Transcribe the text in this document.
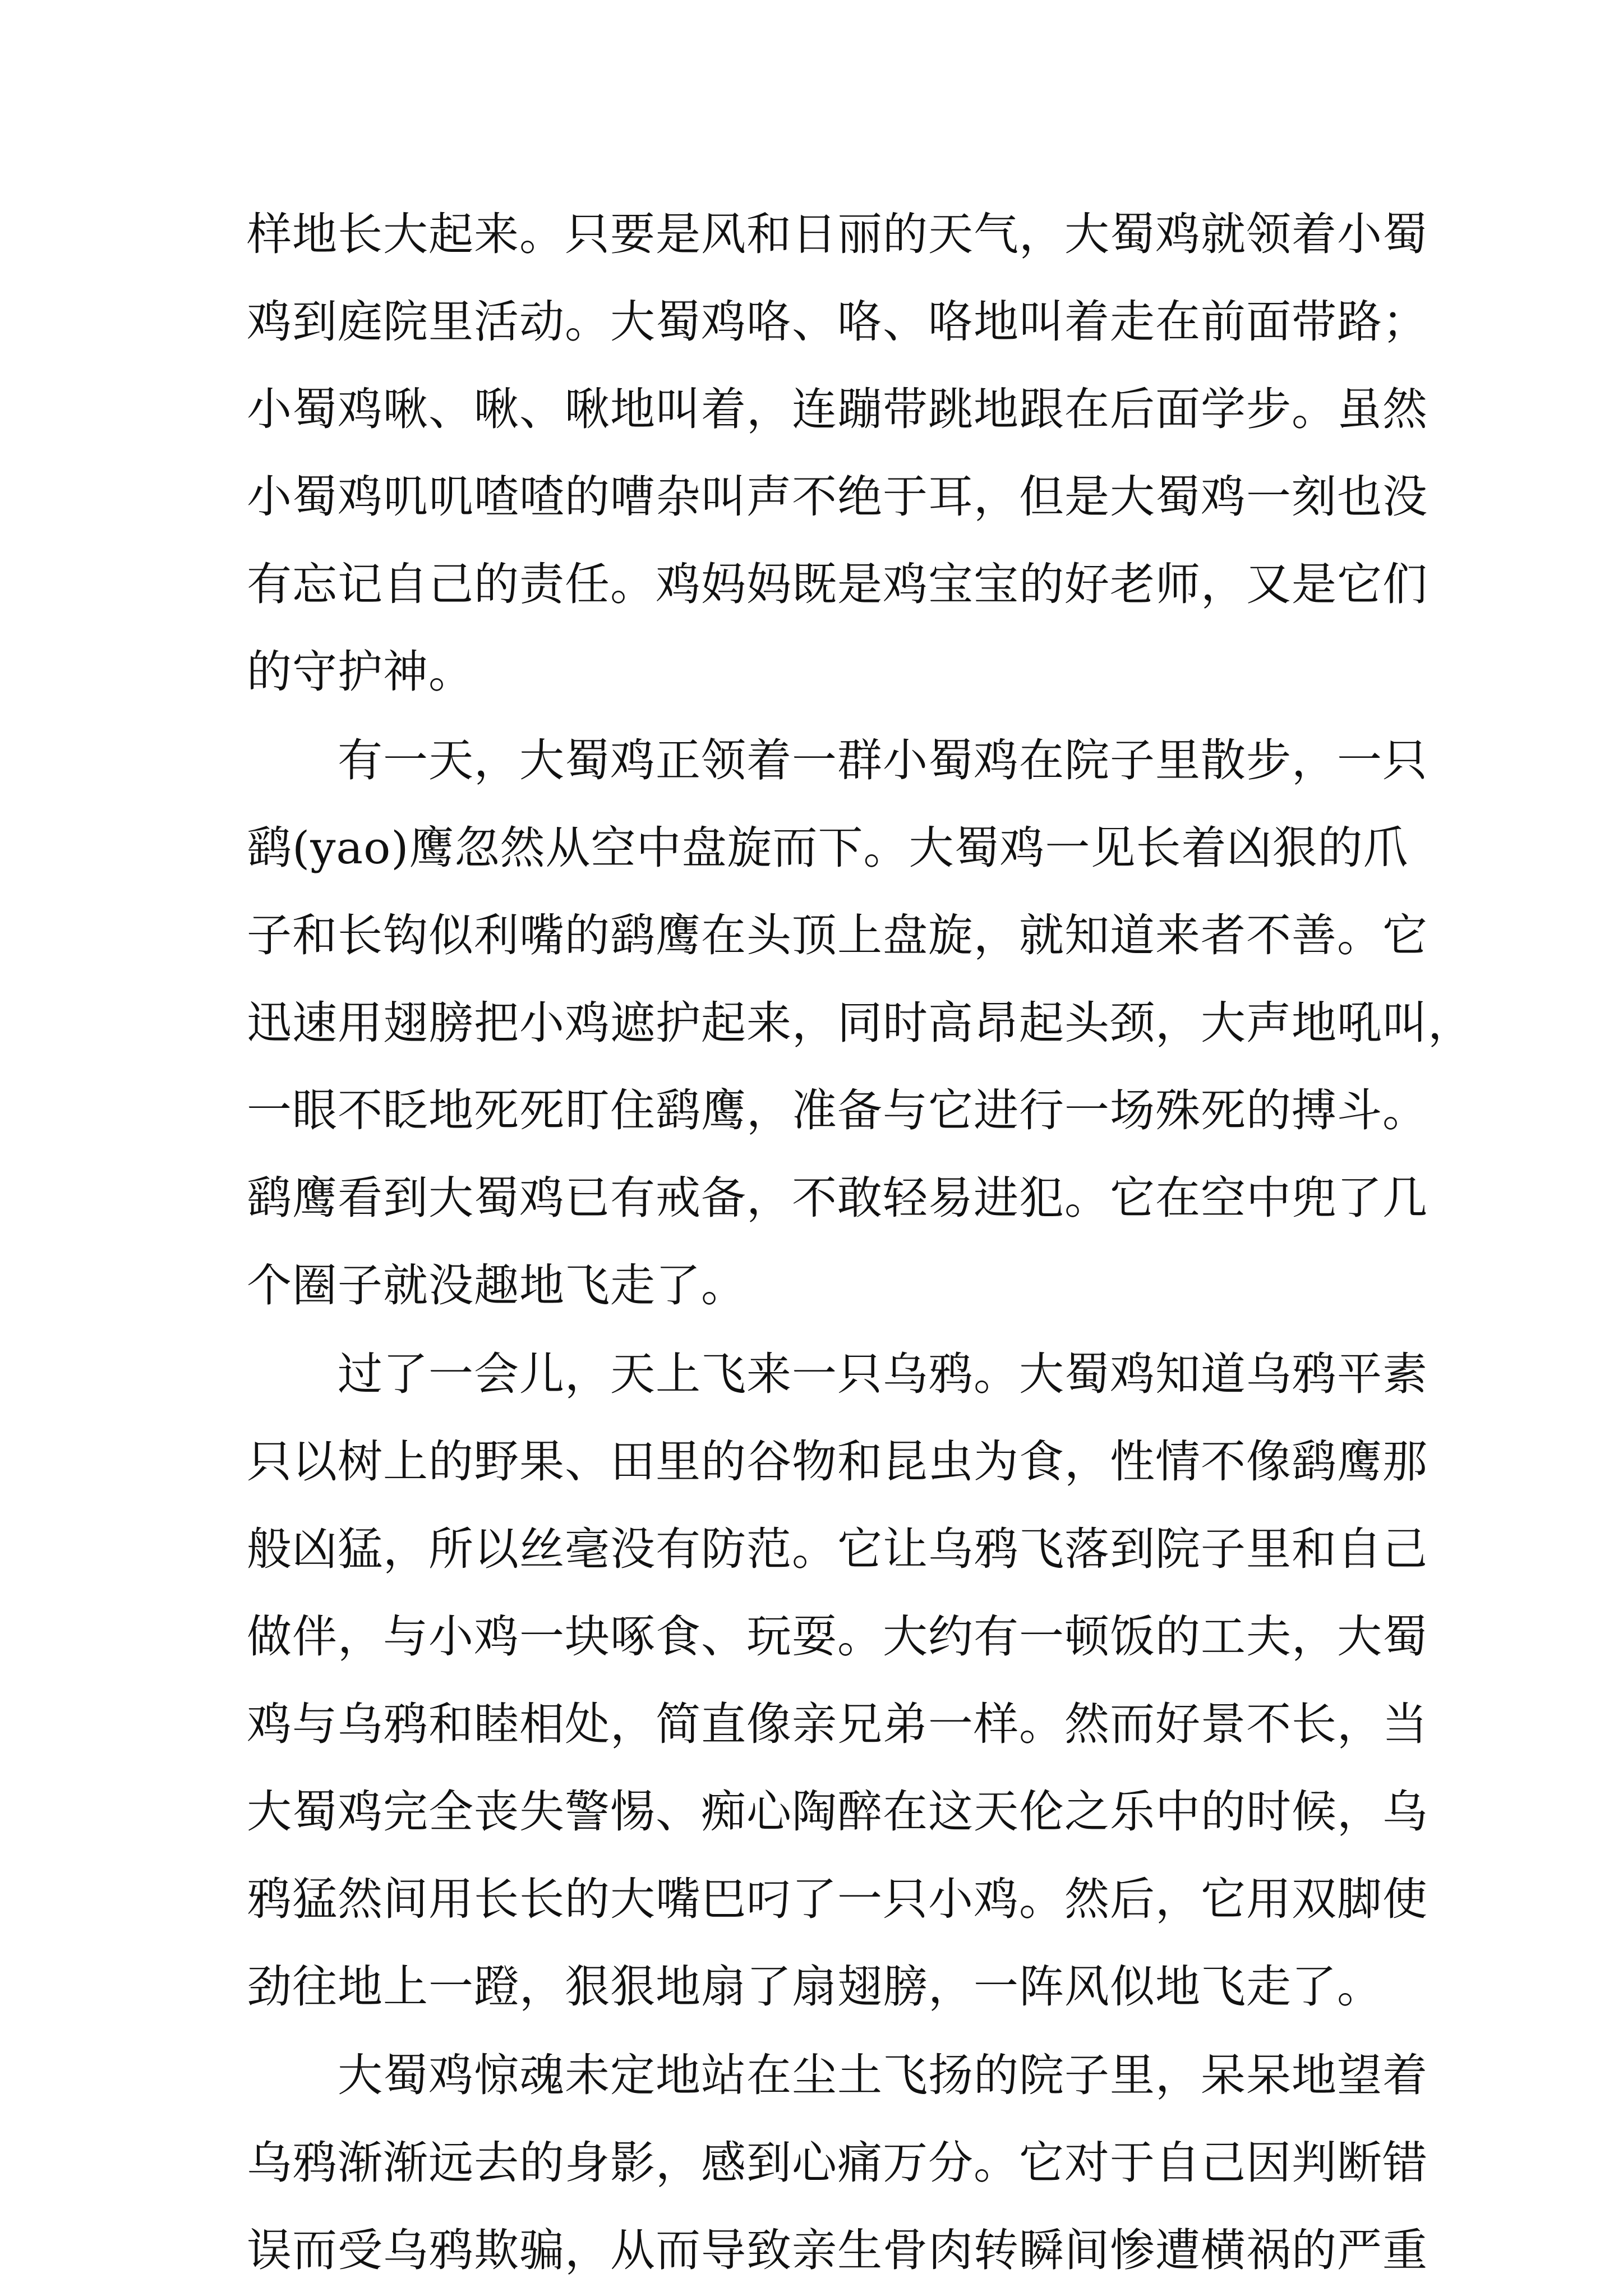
样地长大起来。只要是风和日丽的天气，大蜀鸡就领着小蜀
鸡到庭院里活动。大蜀鸡咯、咯、咯地叫着走在前面带路；
小蜀鸡啾、啾、啾地叫着，连蹦带跳地跟在后面学步。虽然
小蜀鸡叽叽喳喳的嘈杂叫声不绝于耳，但是大蜀鸡一刻也没
有忘记自己的责任。鸡妈妈既是鸡宝宝的好老师，又是它们
的守护神。
　　有一天，大蜀鸡正领着一群小蜀鸡在院子里散步，一只
鹞(yao)鹰忽然从空中盘旋而下。大蜀鸡一见长着凶狠的爪
子和长钩似利嘴的鹞鹰在头顶上盘旋，就知道来者不善。它
迅速用翅膀把小鸡遮护起来，同时高昂起头颈，大声地吼叫，
一眼不眨地死死盯住鹞鹰，准备与它进行一场殊死的搏斗。
鹞鹰看到大蜀鸡已有戒备，不敢轻易进犯。它在空中兜了几
个圈子就没趣地飞走了。
　　过了一会儿，天上飞来一只乌鸦。大蜀鸡知道乌鸦平素
只以树上的野果、田里的谷物和昆虫为食，性情不像鹞鹰那
般凶猛，所以丝毫没有防范。它让乌鸦飞落到院子里和自己
做伴，与小鸡一块啄食、玩耍。大约有一顿饭的工夫，大蜀
鸡与乌鸦和睦相处，简直像亲兄弟一样。然而好景不长，当
大蜀鸡完全丧失警惕、痴心陶醉在这天伦之乐中的时候，乌
鸦猛然间用长长的大嘴巴叼了一只小鸡。然后，它用双脚使
劲往地上一蹬，狠狠地扇了扇翅膀，一阵风似地飞走了。
　　大蜀鸡惊魂未定地站在尘土飞扬的院子里，呆呆地望着
乌鸦渐渐远去的身影，感到心痛万分。它对于自己因判断错
误而受乌鸦欺骗，从而导致亲生骨肉转瞬间惨遭横祸的严重
